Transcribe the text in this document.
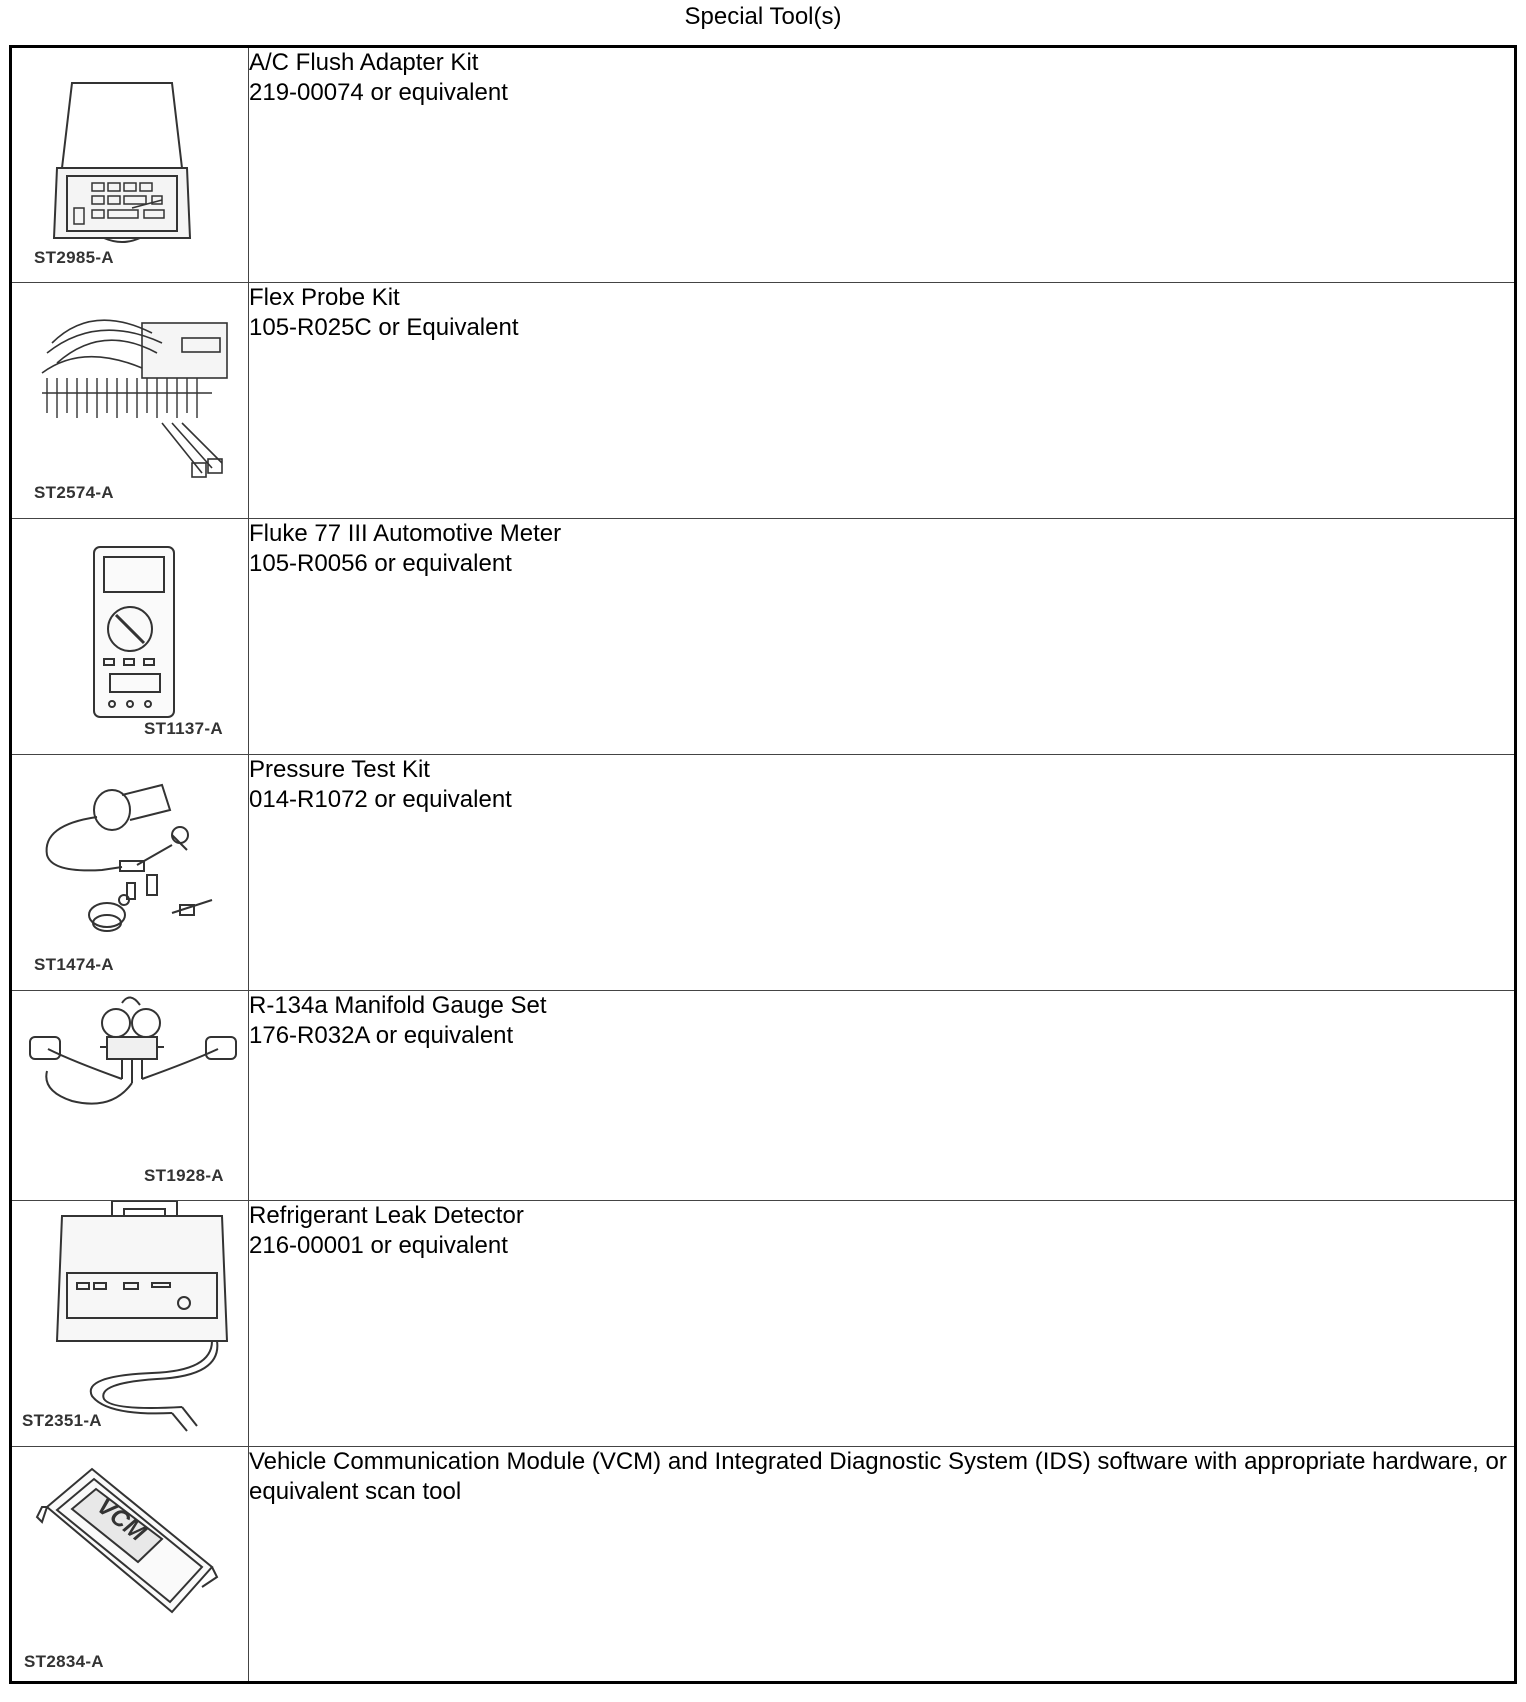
Special Tool(s)
ST2985-A	A/C Flush Adapter Kit
219-00074 or equivalent

ST2574-A	Flex Probe Kit
105-R025C or Equivalent

ST1137-A	Fluke 77 III Automotive Meter
105-R0056 or equivalent

ST1474-A	Pressure Test Kit
014-R1072 or equivalent

ST1928-A	R-134a Manifold Gauge Set
176-R032A or equivalent

ST2351-A	Refrigerant Leak Detector
216-00001 or equivalent

VCM
ST2834-A	Vehicle Communication Module (VCM) and Integrated Diagnostic System (IDS) software with appropriate hardware, or equivalent scan tool
